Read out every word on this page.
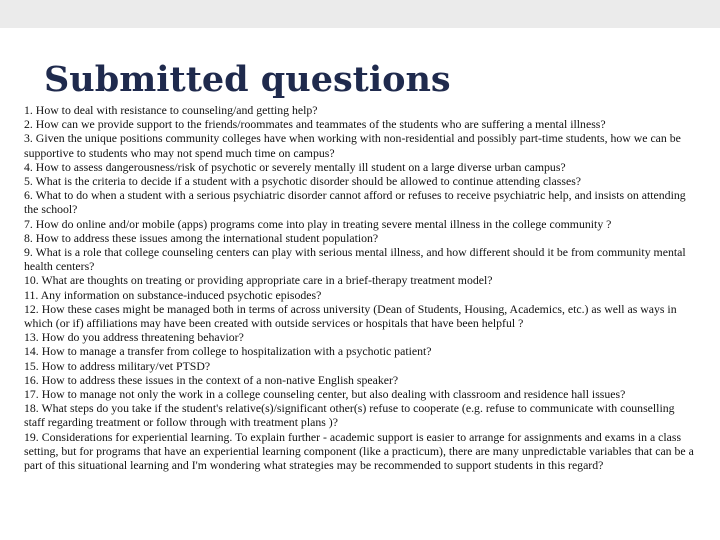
Submitted questions
1. How to deal with resistance to counseling/and getting help?
2. How can we provide support to the friends/roommates and teammates of the students who are suffering a mental illness?
3. Given the unique positions community colleges have when working with non-residential and possibly part-time students, how we can be supportive to students who may not spend much time on campus?
4. How to assess dangerousness/risk of psychotic or severely mentally ill student on a large diverse urban campus?
5. What is the criteria to decide if a student with a psychotic disorder should be allowed to continue attending classes?
6. What to do when a student with a serious psychiatric disorder cannot afford or refuses to receive psychiatric help, and insists on attending the school?
7. How do online and/or mobile (apps) programs come into play in treating severe mental illness in the college community ?
8. How to address these issues among the international student population?
9. What is a role that college counseling centers can play with serious mental illness, and how different should it be from community mental health centers?
10. What are thoughts on treating or providing appropriate care in a brief-therapy treatment model?
11. Any information on substance-induced psychotic episodes?
12. How these cases might be managed both in terms of across university (Dean of Students, Housing, Academics, etc.) as well as ways in which (or if) affiliations may have been created with outside services or hospitals that have been helpful ?
13. How do you address threatening behavior?
14. How to manage a transfer from college to hospitalization with a psychotic patient?
15. How to address military/vet PTSD?
16. How to address these issues in the context of a non-native English speaker?
17. How to manage not only the work in a college counseling center, but also dealing with classroom and residence hall issues?
18. What steps do you take if the student's relative(s)/significant other(s) refuse to cooperate (e.g. refuse to communicate with counselling staff regarding treatment or follow through with treatment plans )?
19. Considerations for experiential learning. To explain further - academic support is easier to arrange for assignments and exams in a class setting, but for programs that have an experiential learning component (like a practicum), there are many unpredictable variables that can be a part of this situational learning and I'm wondering what strategies may be recommended to support students in this regard?
